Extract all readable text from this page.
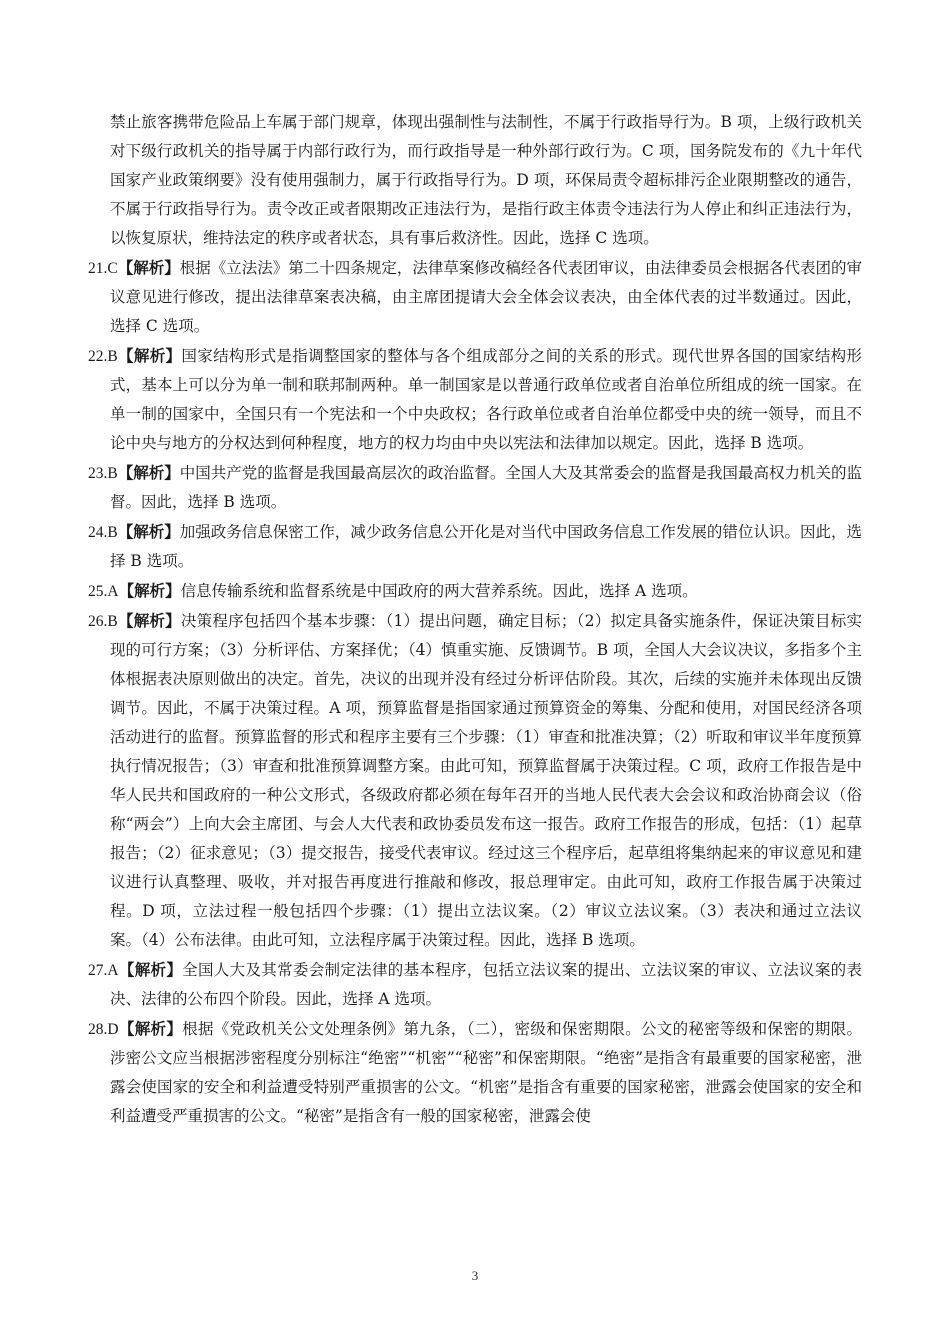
禁止旅客携带危险品上车属于部门规章，体现出强制性与法制性，不属于行政指导行为。B 项，上级行政机关对下级行政机关的指导属于内部行政行为，而行政指导是一种外部行政行为。C 项，国务院发布的《九十年代国家产业政策纲要》没有使用强制力，属于行政指导行为。D 项，环保局责令超标排污企业限期整改的通告，不属于行政指导行为。责令改正或者限期改正违法行为，是指行政主体责令违法行为人停止和纠正违法行为，以恢复原状，维持法定的秩序或者状态，具有事后救济性。因此，选择 C 选项。

21.C【解析】根据《立法法》第二十四条规定，法律草案修改稿经各代表团审议，由法律委员会根据各代表团的审议意见进行修改，提出法律草案表决稿，由主席团提请大会全体会议表决，由全体代表的过半数通过。因此，选择 C 选项。

22.B【解析】国家结构形式是指调整国家的整体与各个组成部分之间的关系的形式。现代世界各国的国家结构形式，基本上可以分为单一制和联邦制两种。单一制国家是以普通行政单位或者自治单位所组成的统一国家。在单一制的国家中，全国只有一个宪法和一个中央政权；各行政单位或者自治单位都受中央的统一领导，而且不论中央与地方的分权达到何种程度，地方的权力均由中央以宪法和法律加以规定。因此，选择 B 选项。

23.B【解析】中国共产党的监督是我国最高层次的政治监督。全国人大及其常委会的监督是我国最高权力机关的监督。因此，选择 B 选项。

24.B【解析】加强政务信息保密工作，减少政务信息公开化是对当代中国政务信息工作发展的错位认识。因此，选择 B 选项。

25.A【解析】信息传输系统和监督系统是中国政府的两大营养系统。因此，选择 A 选项。

26.B【解析】决策程序包括四个基本步骤：（1）提出问题，确定目标；（2）拟定具备实施条件，保证决策目标实现的可行方案；（3）分析评估、方案择优；（4）慎重实施、反馈调节。B 项，全国人大会议决议，多指多个主体根据表决原则做出的决定。首先，决议的出现并没有经过分析评估阶段。其次，后续的实施并未体现出反馈调节。因此，不属于决策过程。A 项，预算监督是指国家通过预算资金的筹集、分配和使用，对国民经济各项活动进行的监督。预算监督的形式和程序主要有三个步骤：（1）审查和批准决算；（2）听取和审议半年度预算执行情况报告；（3）审查和批准预算调整方案。由此可知，预算监督属于决策过程。C 项，政府工作报告是中华人民共和国政府的一种公文形式，各级政府都必须在每年召开的当地人民代表大会会议和政治协商会议（俗称“两会”）上向大会主席团、与会人大代表和政协委员发布这一报告。政府工作报告的形成，包括：（1）起草报告；（2）征求意见；（3）提交报告，接受代表审议。经过这三个程序后，起草组将集纳起来的审议意见和建议进行认真整理、吸收，并对报告再度进行推敲和修改，报总理审定。由此可知，政府工作报告属于决策过程。D 项，立法过程一般包括四个步骤：（1）提出立法议案。（2）审议立法议案。（3）表决和通过立法议案。（4）公布法律。由此可知，立法程序属于决策过程。因此，选择 B 选项。

27.A【解析】全国人大及其常委会制定法律的基本程序，包括立法议案的提出、立法议案的审议、立法议案的表决、法律的公布四个阶段。因此，选择 A 选项。

28.D【解析】根据《党政机关公文处理条例》第九条，（二），密级和保密期限。公文的秘密等级和保密的期限。涉密公文应当根据涉密程度分别标注“绝密”“机密”“秘密”和保密期限。“绝密”是指含有最重要的国家秘密，泄露会使国家的安全和利益遭受特别严重损害的公文。“机密”是指含有重要的国家秘密，泄露会使国家的安全和利益遭受严重损害的公文。“秘密”是指含有一般的国家秘密，泄露会使

3
